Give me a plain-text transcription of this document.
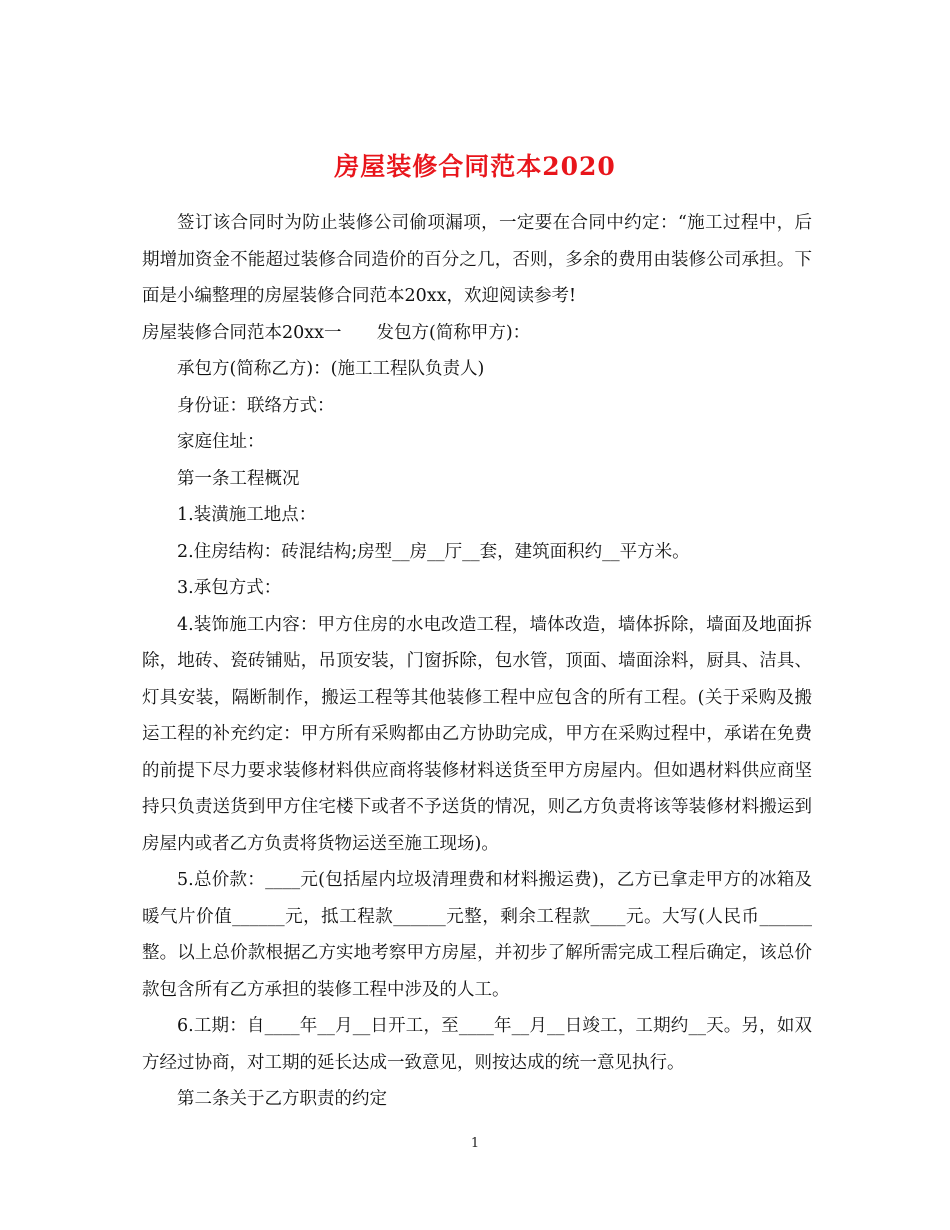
房屋装修合同范本2020

签订该合同时为防止装修公司偷项漏项，一定要在合同中约定：“施工过程中，后期增加资金不能超过装修合同造价的百分之几，否则，多余的费用由装修公司承担。下面是小编整理的房屋装修合同范本20xx，欢迎阅读参考!

房屋装修合同范本20xx一　　发包方(简称甲方)：

承包方(简称乙方)：(施工工程队负责人)

身份证：联络方式：

家庭住址：

第一条工程概况

1.装潢施工地点：

2.住房结构：砖混结构;房型__房__厅__套，建筑面积约__平方米。

3.承包方式：

4.装饰施工内容：甲方住房的水电改造工程，墙体改造，墙体拆除，墙面及地面拆除，地砖、瓷砖铺贴，吊顶安装，门窗拆除，包水管，顶面、墙面涂料，厨具、洁具、灯具安装，隔断制作，搬运工程等其他装修工程中应包含的所有工程。(关于采购及搬运工程的补充约定：甲方所有采购都由乙方协助完成，甲方在采购过程中，承诺在免费的前提下尽力要求装修材料供应商将装修材料送货至甲方房屋内。但如遇材料供应商坚持只负责送货到甲方住宅楼下或者不予送货的情况，则乙方负责将该等装修材料搬运到房屋内或者乙方负责将货物运送至施工现场)。

5.总价款：____元(包括屋内垃圾清理费和材料搬运费)，乙方已拿走甲方的冰箱及暖气片价值______元，抵工程款______元整，剩余工程款____元。大写(人民币______整。以上总价款根据乙方实地考察甲方房屋，并初步了解所需完成工程后确定，该总价款包含所有乙方承担的装修工程中涉及的人工。

6.工期：自____年__月__日开工，至____年__月__日竣工，工期约__天。另，如双方经过协商，对工期的延长达成一致意见，则按达成的统一意见执行。

第二条关于乙方职责的约定

1
